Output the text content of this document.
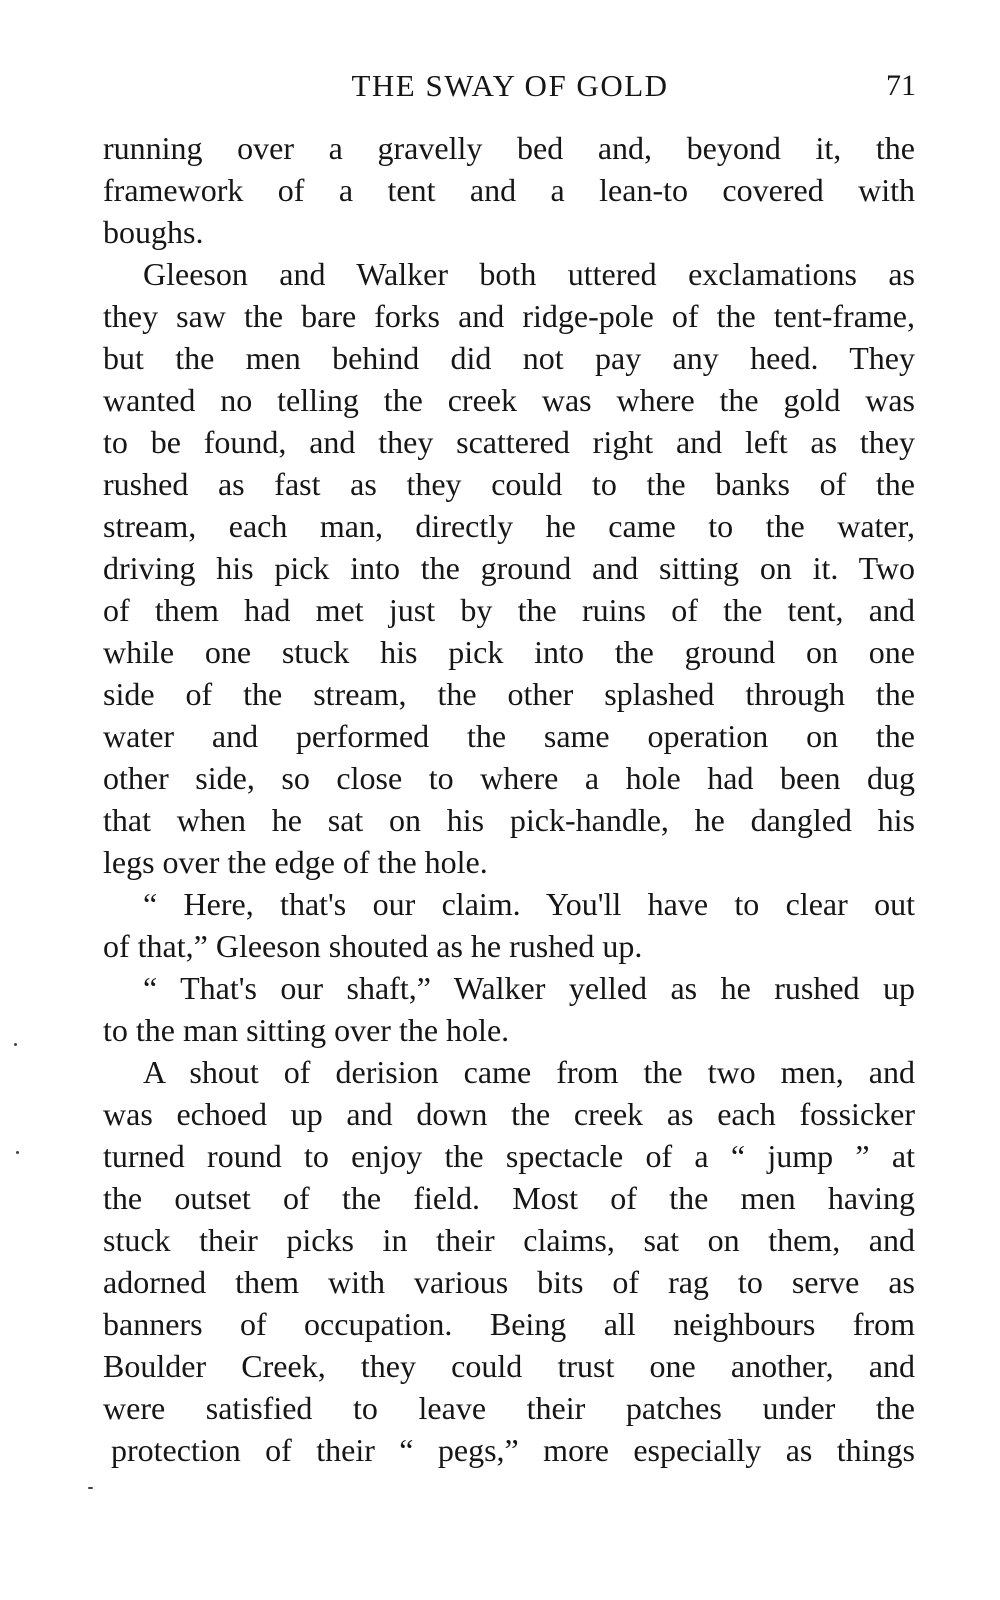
THE SWAY OF GOLD	71
running over a gravelly bed and, beyond it, the
framework of a tent and a lean-to covered with
boughs.
Gleeson and Walker both uttered exclamations as
they saw the bare forks and ridge-pole of the tent-frame,
but the men behind did not pay any heed. They
wanted no telling the creek was where the gold was
to be found, and they scattered right and left as they
rushed as fast as they could to the banks of the
stream, each man, directly he came to the water,
driving his pick into the ground and sitting on it. Two
of them had met just by the ruins of the tent, and
while one stuck his pick into the ground on one
side of the stream, the other splashed through the
water and performed the same operation on the
other side, so close to where a hole had been dug
that when he sat on his pick-handle, he dangled his
legs over the edge of the hole.
“ Here, that's our claim. You'll have to clear out
of that,” Gleeson shouted as he rushed up.
“ That's our shaft,” Walker yelled as he rushed up
to the man sitting over the hole.
A shout of derision came from the two men, and
was echoed up and down the creek as each fossicker
turned round to enjoy the spectacle of a “ jump ” at
the outset of the field. Most of the men having
stuck their picks in their claims, sat on them, and
adorned them with various bits of rag to serve as
banners of occupation. Being all neighbours from
Boulder Creek, they could trust one another, and
were satisfied to leave their patches under the
protection of their “ pegs,” more especially as things
